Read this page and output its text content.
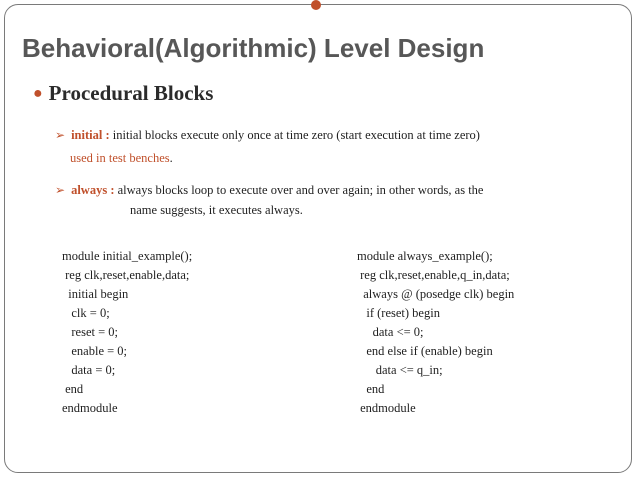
Behavioral(Algorithmic) Level Design
● Procedural Blocks
➢ initial : initial blocks execute only once at time zero (start execution at time zero)
used in test benches.
➢ always : always blocks loop to execute over and over again; in other words, as the
name suggests, it executes always.

module initial_example();
reg clk,reset,enable,data;
initial begin
clk = 0;
reset = 0;
enable = 0;
data = 0;
end
endmodule

module always_example();
reg clk,reset,enable,q_in,data;
always @ (posedge clk) begin
if (reset) begin
data <= 0;
end else if (enable) begin
data <= q_in;
end
endmodule
